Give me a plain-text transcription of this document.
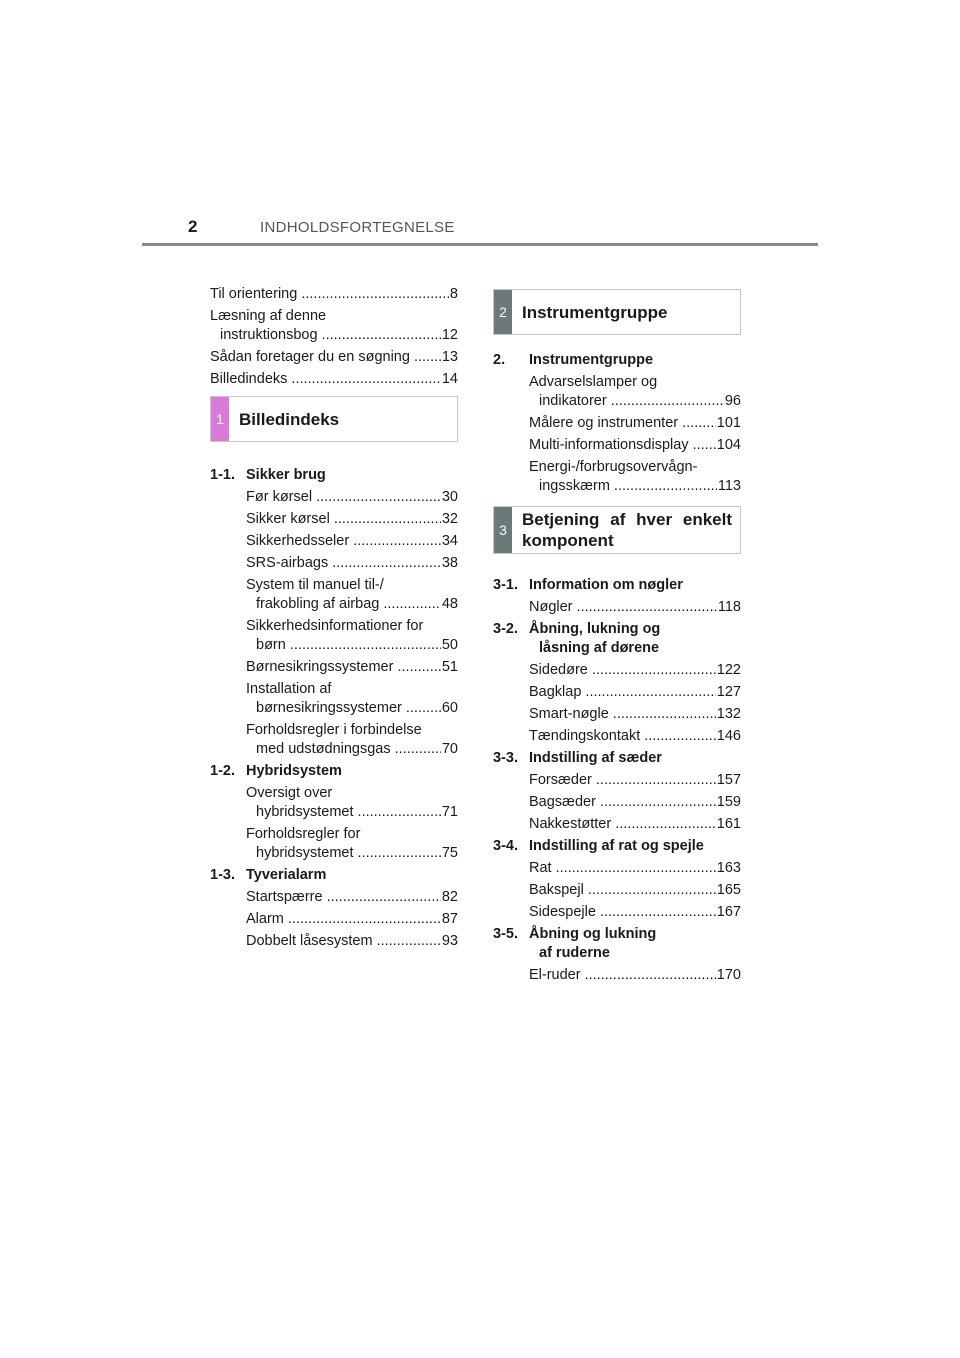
2	INDHOLDSFORTEGNELSE
Til orientering .....	8
Læsning af denne
instruktionsbog .....	12
Sådan foretager du en søgning .....	13
Billedindeks .....	14
1 Billedindeks
1-1. Sikker brug
Før kørsel .....	30
Sikker kørsel .....	32
Sikkerhedsseler .....	34
SRS-airbags .....	38
System til manuel til-/
frakobling af airbag .....	48
Sikkerhedsinformationer for
børn .....	50
Børnesikringssystemer .....	51
Installation af
børnesikringssystemer .....	60
Forholdsregler i forbindelse
med udstødningsgas .....	70
1-2. Hybridsystem
Oversigt over
hybridsystemet .....	71
Forholdsregler for
hybridsystemet .....	75
1-3. Tyverialarm
Startspærre .....	82
Alarm .....	87
Dobbelt låsesystem .....	93
2 Instrumentgruppe
2.	Instrumentgruppe
Advarselslamper og
indikatorer .....	96
Målere og instrumenter .....	101
Multi-informationsdisplay .....	104
Energi-/forbrugsovervågn-
ingsskærm .....	113
3
Betjening af hver enkelt
komponent
3-1. Information om nøgler
Nøgler .....	118
3-2. Åbning, lukning og
låsning af dørene
Sidedøre .....	122
Bagklap .....	127
Smart-nøgle .....	132
Tændingskontakt .....	146
3-3. Indstilling af sæder
Forsæder .....	157
Bagsæder .....	159
Nakkestøtter .....	161
3-4. Indstilling af rat og spejle
Rat .....	163
Bakspejl .....	165
Sidespejle .....	167
3-5. Åbning og lukning
af ruderne
El-ruder .....	170
